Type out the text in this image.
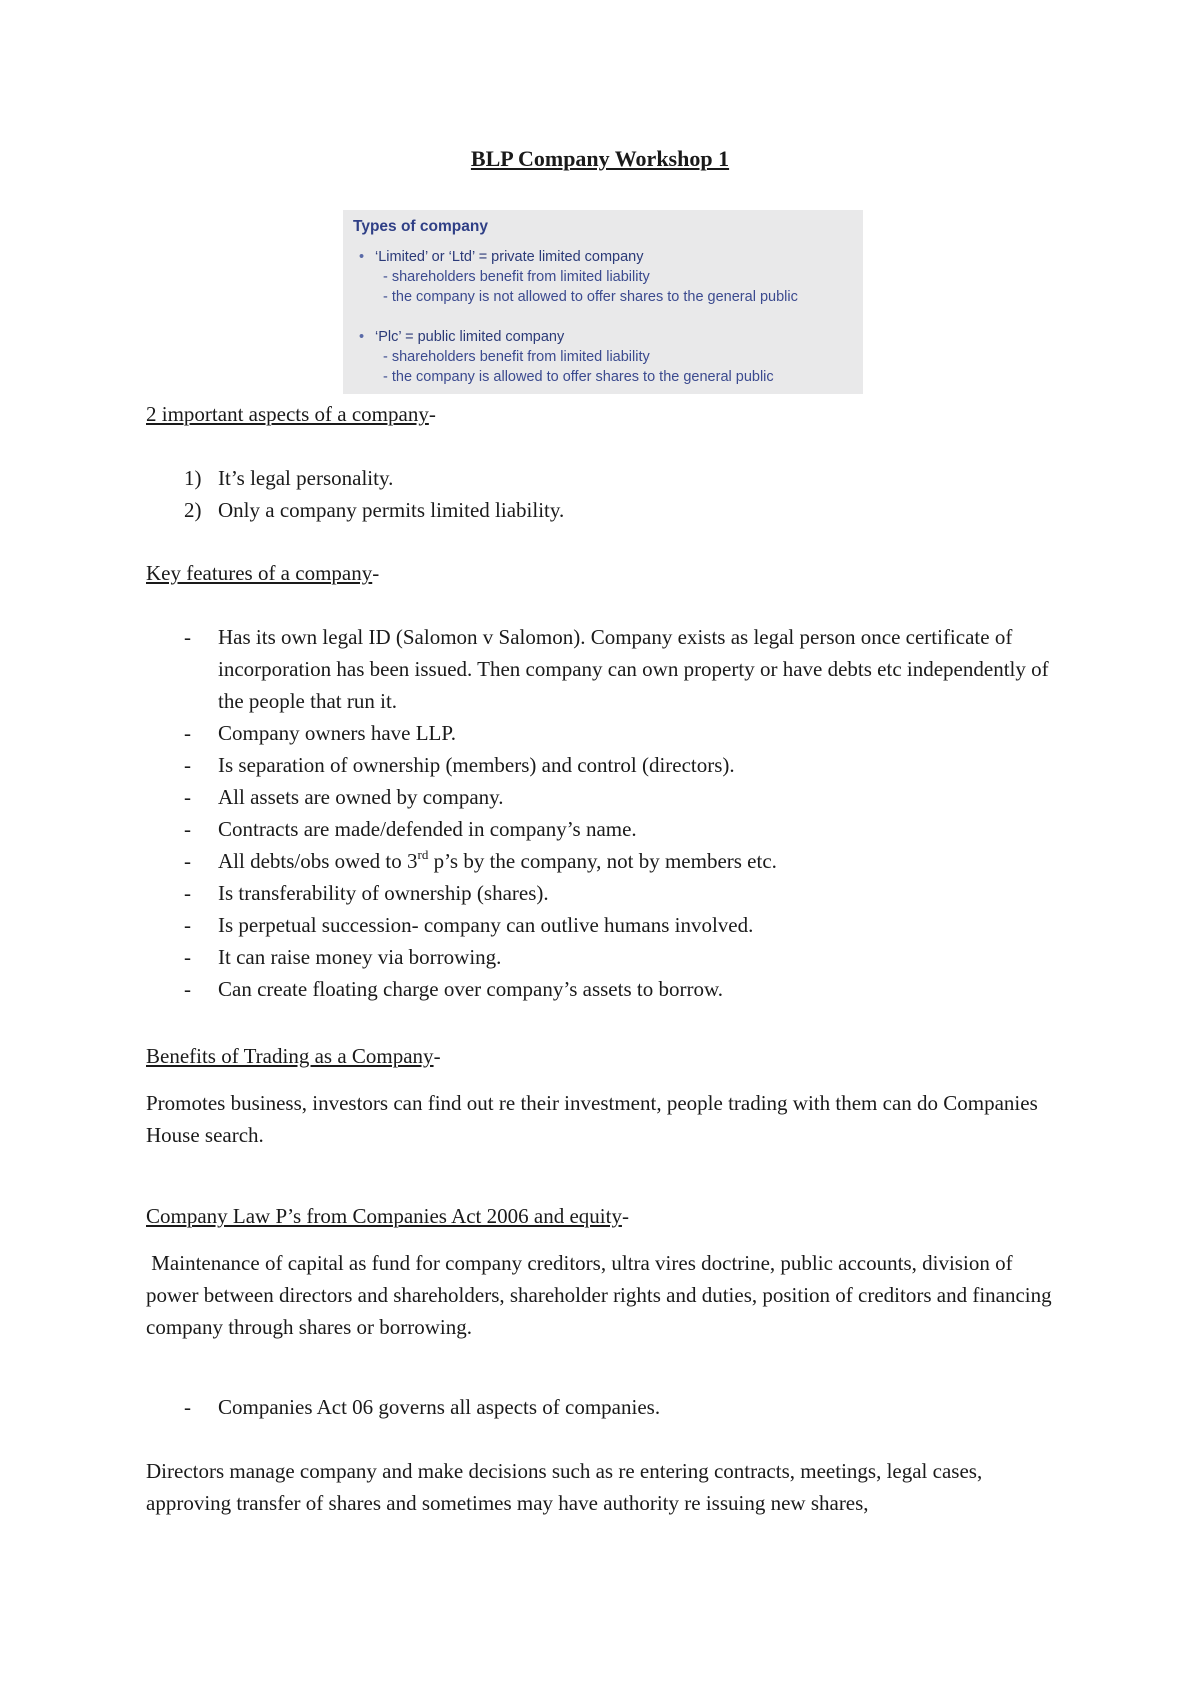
BLP Company Workshop 1
Types of company
• ‘Limited’ or ‘Ltd’ = private limited company
- shareholders benefit from limited liability
- the company is not allowed to offer shares to the general public
• ‘Plc’ = public limited company
- shareholders benefit from limited liability
- the company is allowed to offer shares to the general public

2 important aspects of a company-

1) It’s legal personality.
2) Only a company permits limited liability.

Key features of a company-

- Has its own legal ID (Salomon v Salomon). Company exists as legal person once certificate of incorporation has been issued. Then company can own property or have debts etc independently of the people that run it.
- Company owners have LLP.
- Is separation of ownership (members) and control (directors).
- All assets are owned by company.
- Contracts are made/defended in company’s name.
- All debts/obs owed to 3rd p’s by the company, not by members etc.
- Is transferability of ownership (shares).
- Is perpetual succession- company can outlive humans involved.
- It can raise money via borrowing.
- Can create floating charge over company’s assets to borrow.

Benefits of Trading as a Company-

Promotes business, investors can find out re their investment, people trading with them can do Companies House search.

Company Law P’s from Companies Act 2006 and equity-

Maintenance of capital as fund for company creditors, ultra vires doctrine, public accounts, division of power between directors and shareholders, shareholder rights and duties, position of creditors and financing company through shares or borrowing.

- Companies Act 06 governs all aspects of companies.

Directors manage company and make decisions such as re entering contracts, meetings, legal cases, approving transfer of shares and sometimes may have authority re issuing new shares,
